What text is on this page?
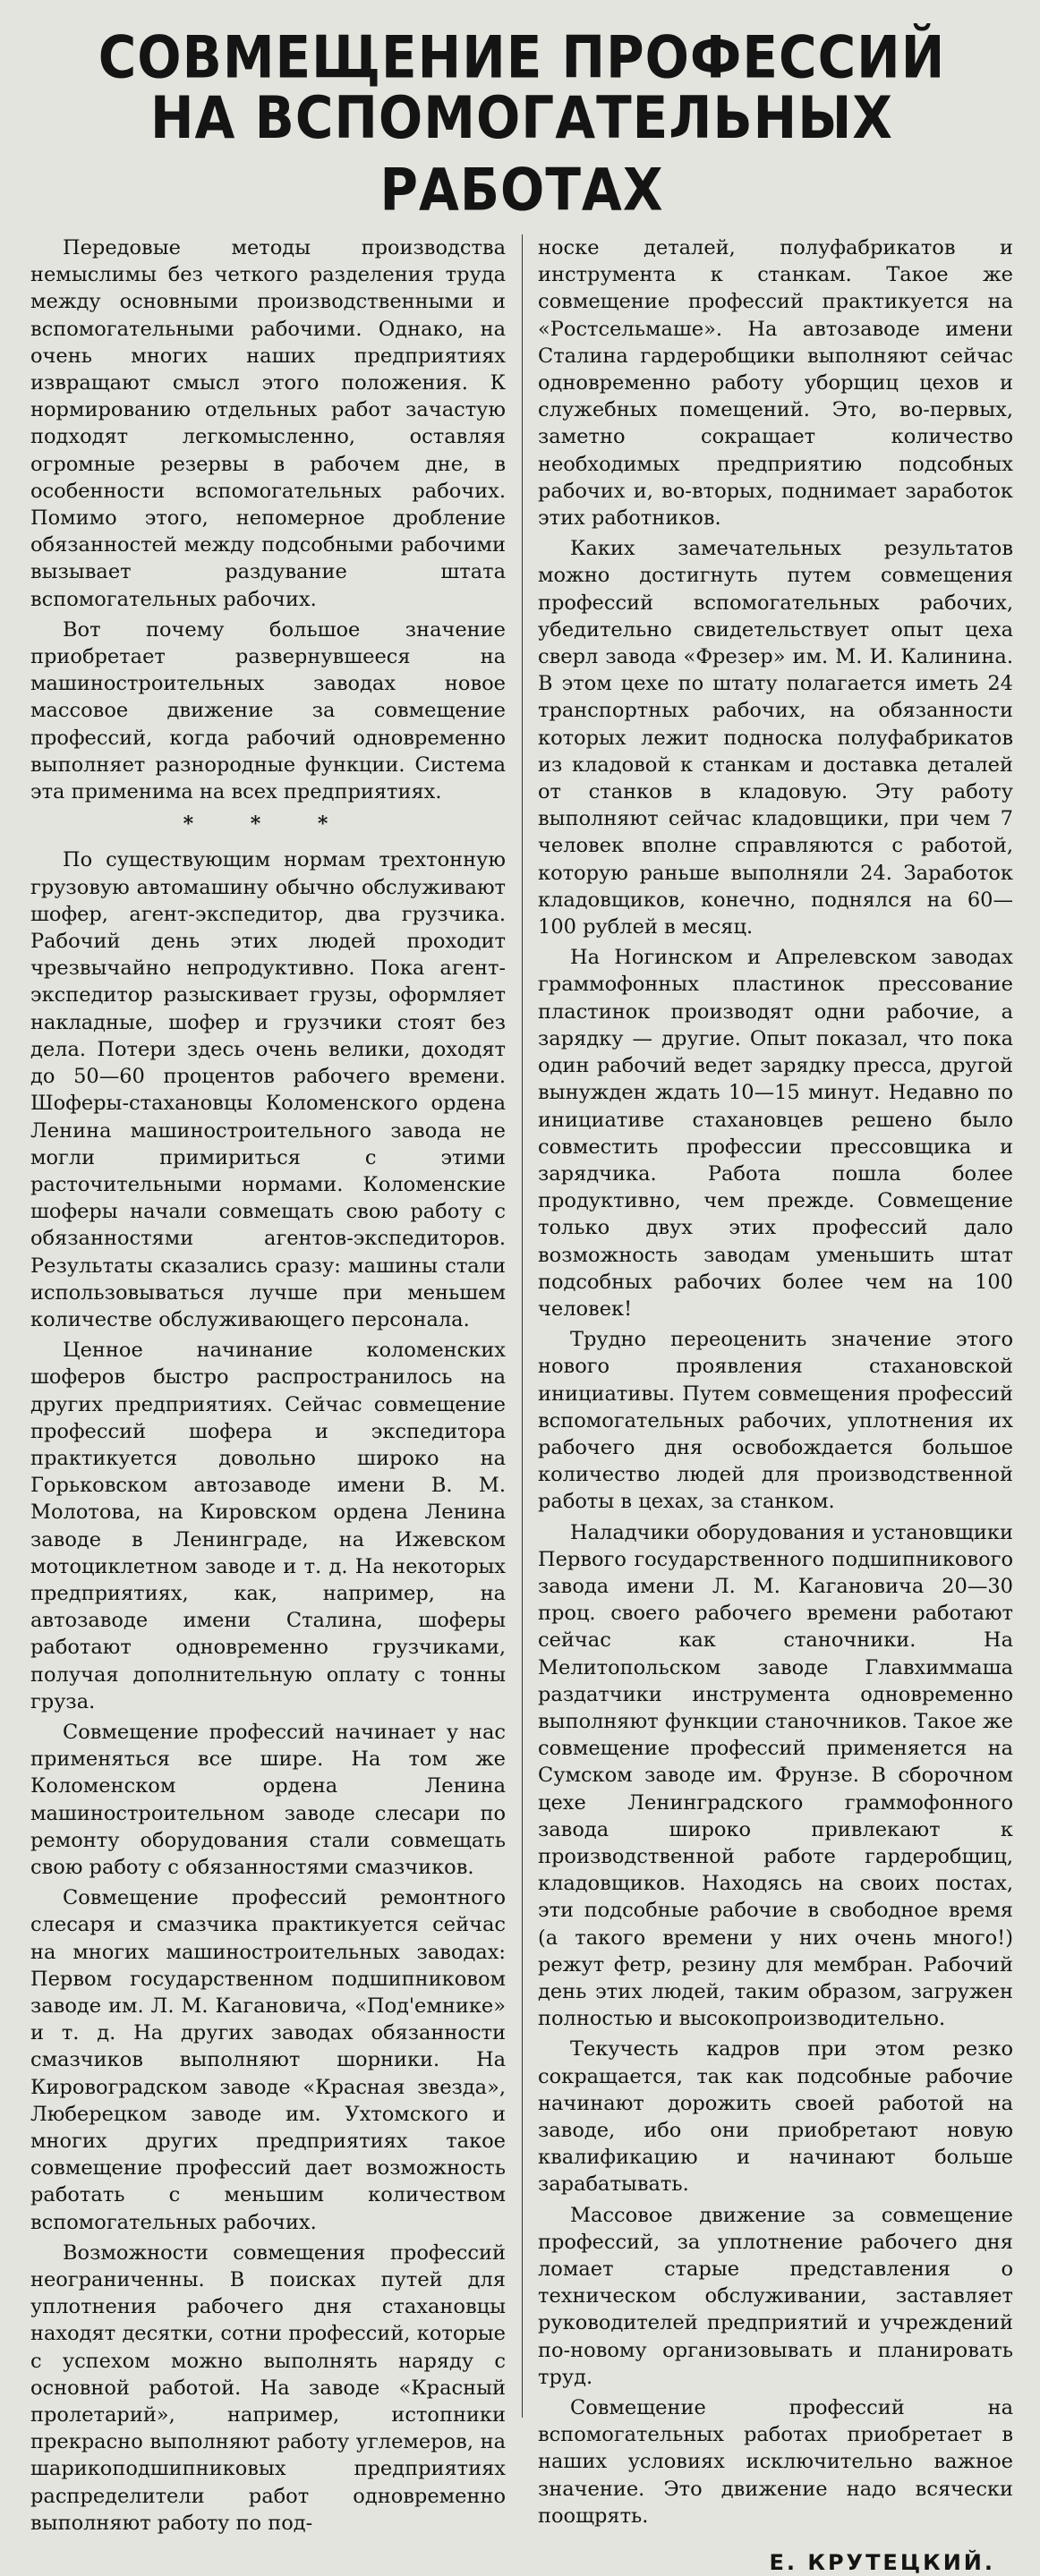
СОВМЕЩЕНИЕ ПРОФЕССИЙ
НА ВСПОМОГАТЕЛЬНЫХ РАБОТАХ

Передовые методы производства немыслимы без четкого разделения труда между основными производственными и вспомогательными рабочими. Однако, на очень многих наших предприятиях извращают смысл этого положения. К нормированию отдельных работ зачастую подходят легкомысленно, оставляя огромные резервы в рабочем дне, в особенности вспомогательных рабочих. Помимо этого, непомерное дробление обязанностей между подсобными рабочими вызывает раздувание штата вспомогательных рабочих.

Вот почему большое значение приобретает развернувшееся на машиностроительных заводах новое массовое движение за совмещение профессий, когда рабочий одновременно выполняет разнородные функции. Система эта применима на всех предприятиях.

* * *

По существующим нормам трехтонную грузовую автомашину обычно обслуживают шофер, агент-экспедитор, два грузчика. Рабочий день этих людей проходит чрезвычайно непродуктивно. Пока агент-экспедитор разыскивает грузы, оформляет накладные, шофер и грузчики стоят без дела. Потери здесь очень велики, доходят до 50—60 процентов рабочего времени. Шоферы-стахановцы Коломенского ордена Ленина машиностроительного завода не могли примириться с этими расточительными нормами. Коломенские шоферы начали совмещать свою работу с обязанностями агентов-экспедиторов. Результаты сказались сразу: машины стали использовываться лучше при меньшем количестве обслуживающего персонала.

Ценное начинание коломенских шоферов быстро распространилось на других предприятиях. Сейчас совмещение профессий шофера и экспедитора практикуется довольно широко на Горьковском автозаводе имени В. М. Молотова, на Кировском ордена Ленина заводе в Ленинграде, на Ижевском мотоциклетном заводе и т. д. На некоторых предприятиях, как, например, на автозаводе имени Сталина, шоферы работают одновременно грузчиками, получая дополнительную оплату с тонны груза.

Совмещение профессий начинает у нас применяться все шире. На том же Коломенском ордена Ленина машиностроительном заводе слесари по ремонту оборудования стали совмещать свою работу с обязанностями смазчиков.

Совмещение профессий ремонтного слесаря и смазчика практикуется сейчас на многих машиностроительных заводах: Первом государственном подшипниковом заводе им. Л. М. Кагановича, «Под'емнике» и т. д. На других заводах обязанности смазчиков выполняют шорники. На Кировоградском заводе «Красная звезда», Люберецком заводе им. Ухтомского и многих других предприятиях такое совмещение профессий дает возможность работать с меньшим количеством вспомогательных рабочих.

Возможности совмещения профессий неограниченны. В поисках путей для уплотнения рабочего дня стахановцы находят десятки, сотни профессий, которые с успехом можно выполнять наряду с основной работой. На заводе «Красный пролетарий», например, истопники прекрасно выполняют работу углемеров, на шарикоподшипниковых предприятиях распределители работ одновременно выполняют работу по под-

носке деталей, полуфабрикатов и инструмента к станкам. Такое же совмещение профессий практикуется на «Ростсельмаше». На автозаводе имени Сталина гардеробщики выполняют сейчас одновременно работу уборщиц цехов и служебных помещений. Это, во-первых, заметно сокращает количество необходимых предприятию подсобных рабочих и, во-вторых, поднимает заработок этих работников.

Каких замечательных результатов можно достигнуть путем совмещения профессий вспомогательных рабочих, убедительно свидетельствует опыт цеха сверл завода «Фрезер» им. М. И. Калинина. В этом цехе по штату полагается иметь 24 транспортных рабочих, на обязанности которых лежит подноска полуфабрикатов из кладовой к станкам и доставка деталей от станков в кладовую. Эту работу выполняют сейчас кладовщики, при чем 7 человек вполне справляются с работой, которую раньше выполняли 24. Заработок кладовщиков, конечно, поднялся на 60—100 рублей в месяц.

На Ногинском и Апрелевском заводах граммофонных пластинок прессование пластинок производят одни рабочие, а зарядку — другие. Опыт показал, что пока один рабочий ведет зарядку пресса, другой вынужден ждать 10—15 минут. Недавно по инициативе стахановцев решено было совместить профессии прессовщика и зарядчика. Работа пошла более продуктивно, чем прежде. Совмещение только двух этих профессий дало возможность заводам уменьшить штат подсобных рабочих более чем на 100 человек!

Трудно переоценить значение этого нового проявления стахановской инициативы. Путем совмещения профессий вспомогательных рабочих, уплотнения их рабочего дня освобождается большое количество людей для производственной работы в цехах, за станком.

Наладчики оборудования и установщики Первого государственного подшипникового завода имени Л. М. Кагановича 20—30 проц. своего рабочего времени работают сейчас как станочники. На Мелитопольском заводе Главхиммаша раздатчики инструмента одновременно выполняют функции станочников. Такое же совмещение профессий применяется на Сумском заводе им. Фрунзе. В сборочном цехе Ленинградского граммофонного завода широко привлекают к производственной работе гардеробщиц, кладовщиков. Находясь на своих постах, эти подсобные рабочие в свободное время (а такого времени у них очень много!) режут фетр, резину для мембран. Рабочий день этих людей, таким образом, загружен полностью и высокопроизводительно.

Текучесть кадров при этом резко сокращается, так как подсобные рабочие начинают дорожить своей работой на заводе, ибо они приобретают новую квалификацию и начинают больше зарабатывать.

Массовое движение за совмещение профессий, за уплотнение рабочего дня ломает старые представления о техническом обслуживании, заставляет руководителей предприятий и учреждений по-новому организовывать и планировать труд.

Совмещение профессий на вспомогательных работах приобретает в наших условиях исключительно важное значение. Это движение надо всячески поощрять.

Е. КРУТЕЦКИЙ.
